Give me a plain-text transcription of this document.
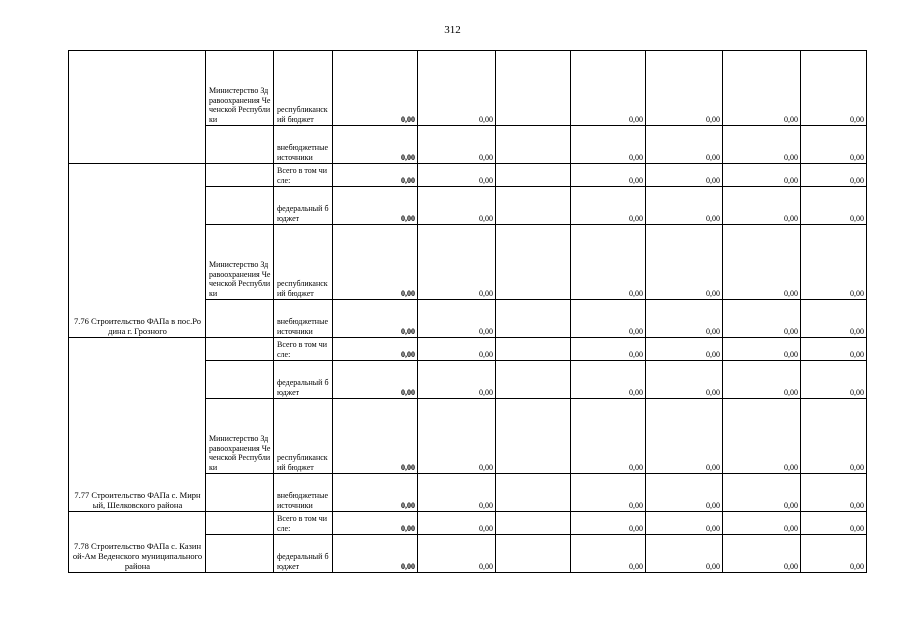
312
	Министерство Здравоохранения Чеченской Республики	республиканский бюджет	0,00	0,00		0,00	0,00	0,00	0,00
		внебюджетные источники	0,00	0,00		0,00	0,00	0,00	0,00
7.76 Строительство ФАПа в пос.Родина г. Грозного		Всего в том числе:	0,00	0,00		0,00	0,00	0,00	0,00
		федеральный бюджет	0,00	0,00		0,00	0,00	0,00	0,00
	Министерство Здравоохранения Чеченской Республики	республиканский бюджет	0,00	0,00		0,00	0,00	0,00	0,00
		внебюджетные источники	0,00	0,00		0,00	0,00	0,00	0,00
7.77 Строительство ФАПа с. Мирный, Шелковского района		Всего в том числе:	0,00	0,00		0,00	0,00	0,00	0,00
		федеральный бюджет	0,00	0,00		0,00	0,00	0,00	0,00
	Министерство Здравоохранения Чеченской Республики	республиканский бюджет	0,00	0,00		0,00	0,00	0,00	0,00
		внебюджетные источники	0,00	0,00		0,00	0,00	0,00	0,00
7.78 Строительство ФАПа с. Казиной-Ам Веденского муниципального района		Всего в том числе:	0,00	0,00		0,00	0,00	0,00	0,00
		федеральный бюджет	0,00	0,00		0,00	0,00	0,00	0,00
